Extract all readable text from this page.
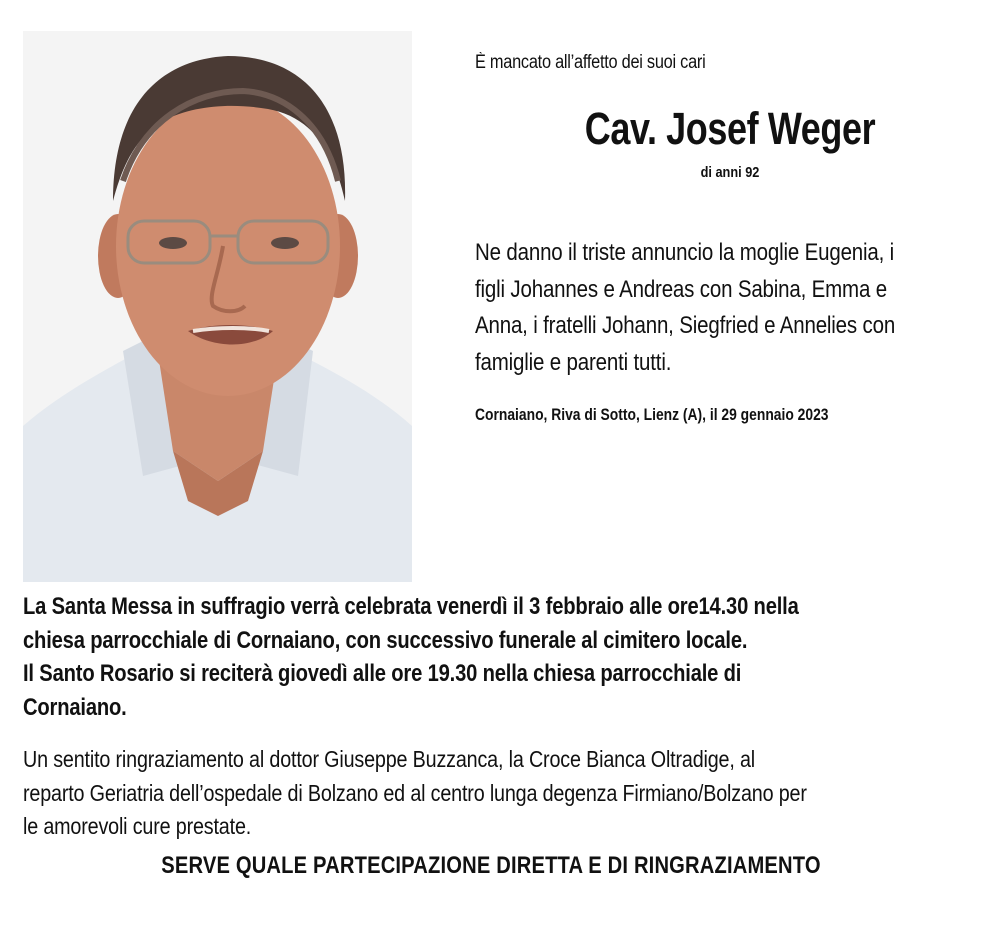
È mancato all’affetto dei suoi cari
Cav. Josef Weger
di anni 92
Ne danno il triste annuncio la moglie Eugenia, i
figli Johannes e Andreas con Sabina, Emma e
Anna, i fratelli Johann, Siegfried e Annelies con
famiglie e parenti tutti.
Cornaiano, Riva di Sotto, Lienz (A), il 29 gennaio 2023
La Santa Messa in suffragio verrà celebrata venerdì il 3 febbraio alle ore14.30 nella
chiesa parrocchiale di Cornaiano, con successivo funerale al cimitero locale.
Il Santo Rosario si reciterà giovedì alle ore 19.30 nella chiesa parrocchiale di
Cornaiano.
Un sentito ringraziamento al dottor Giuseppe Buzzanca, la Croce Bianca Oltradige, al
reparto Geriatria dell’ospedale di Bolzano ed al centro lunga degenza Firmiano/Bolzano per
le amorevoli cure prestate.
SERVE QUALE PARTECIPAZIONE DIRETTA E DI RINGRAZIAMENTO
